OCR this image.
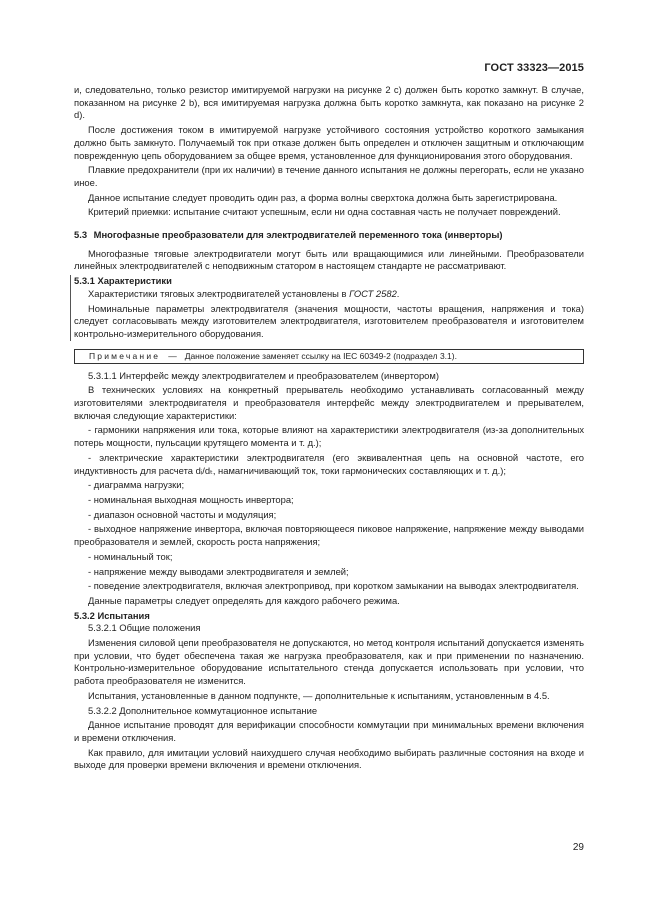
ГОСТ 33323—2015

и, следовательно, только резистор имитируемой нагрузки на рисунке 2 с) должен быть коротко замкнут. В случае, показанном на рисунке 2 b), вся имитируемая нагрузка должна быть коротко замкнута, как показано на рисунке 2 d).

После достижения током в имитируемой нагрузке устойчивого состояния устройство короткого замыкания должно быть замкнуто. Получаемый ток при отказе должен быть определен и отключен защитным и отключающим поврежденную цепь оборудованием за общее время, установленное для функционирования этого оборудования.

Плавкие предохранители (при их наличии) в течение данного испытания не должны перегорать, если не указано иное.

Данное испытание следует проводить один раз, а форма волны сверхтока должна быть зарегистрирована.

Критерий приемки: испытание считают успешным, если ни одна составная часть не получает повреждений.

5.3 Многофазные преобразователи для электродвигателей переменного тока (инверторы)

Многофазные тяговые электродвигатели могут быть или вращающимися или линейными. Преобразователи линейных электродвигателей с неподвижным статором в настоящем стандарте не рассматривают.

5.3.1 Характеристики

Характеристики тяговых электродвигателей установлены в ГОСТ 2582.

Номинальные параметры электродвигателя (значения мощности, частоты вращения, напряжения и тока) следует согласовывать между изготовителем электродвигателя, изготовителем преобразователя и изготовителем контрольно-измерительного оборудования.

Примечание — Данное положение заменяет ссылку на IEC 60349-2 (подраздел 3.1).

5.3.1.1 Интерфейс между электродвигателем и преобразователем (инвертором)

В технических условиях на конкретный прерыватель необходимо устанавливать согласованный между изготовителями электродвигателя и преобразователя интерфейс между электродвигателем и прерывателем, включая следующие характеристики:

- гармоники напряжения или тока, которые влияют на характеристики электродвигателя (из-за дополнительных потерь мощности, пульсации крутящего момента и т. д.);

- электрические характеристики электродвигателя (его эквивалентная цепь на основной частоте, его индуктивность для расчета dᵢ/dₜ, намагничивающий ток, токи гармонических составляющих и т. д.);

- диаграмма нагрузки;

- номинальная выходная мощность инвертора;

- диапазон основной частоты и модуляция;

- выходное напряжение инвертора, включая повторяющееся пиковое напряжение, напряжение между выводами преобразователя и землей, скорость роста напряжения;

- номинальный ток;

- напряжение между выводами электродвигателя и землей;

- поведение электродвигателя, включая электропривод, при коротком замыкании на выводах электродвигателя.

Данные параметры следует определять для каждого рабочего режима.

5.3.2 Испытания

5.3.2.1 Общие положения

Изменения силовой цепи преобразователя не допускаются, но метод контроля испытаний допускается изменять при условии, что будет обеспечена такая же нагрузка преобразователя, как и при применении по назначению. Контрольно-измерительное оборудование испытательного стенда допускается использовать при условии, что работа преобразователя не изменится.

Испытания, установленные в данном подпункте, — дополнительные к испытаниям, установленным в 4.5.

5.3.2.2 Дополнительное коммутационное испытание

Данное испытание проводят для верификации способности коммутации при минимальных времени включения и времени отключения.

Как правило, для имитации условий наихудшего случая необходимо выбирать различные состояния на входе и выходе для проверки времени включения и времени отключения.

29
